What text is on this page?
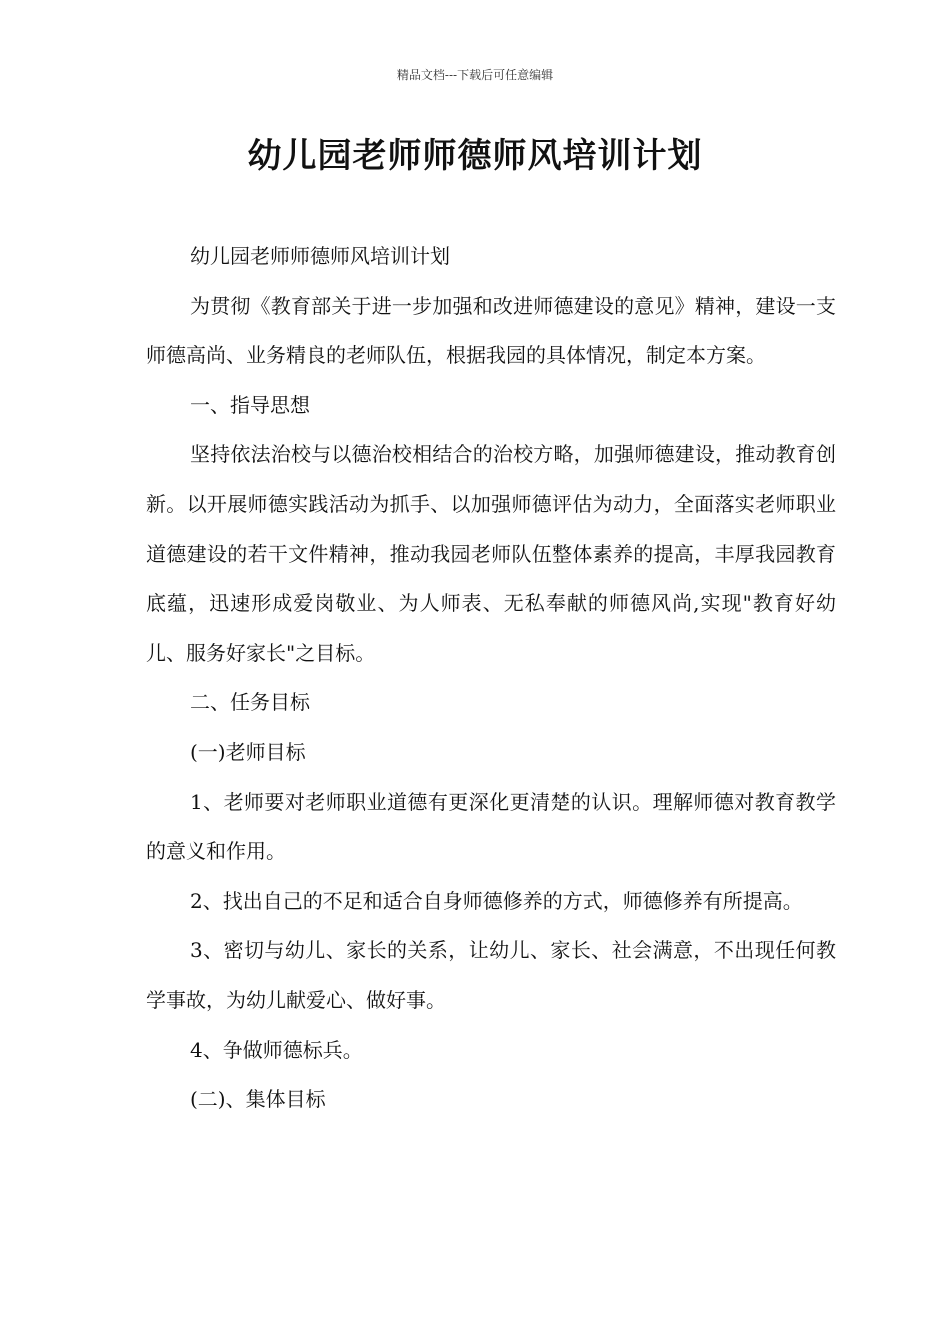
精品文档---下载后可任意编辑
幼儿园老师师德师风培训计划

幼儿园老师师德师风培训计划

为贯彻《教育部关于进一步加强和改进师德建设的意见》精神，建设一支师德高尚、业务精良的老师队伍，根据我园的具体情况，制定本方案。

一、指导思想

坚持依法治校与以德治校相结合的治校方略，加强师德建设，推动教育创新。以开展师德实践活动为抓手、以加强师德评估为动力，全面落实老师职业道德建设的若干文件精神，推动我园老师队伍整体素养的提高，丰厚我园教育底蕴，迅速形成爱岗敬业、为人师表、无私奉献的师德风尚,实现"教育好幼儿、服务好家长"之目标。

二、任务目标

(一)老师目标

1、老师要对老师职业道德有更深化更清楚的认识。理解师德对教育教学的意义和作用。

2、找出自己的不足和适合自身师德修养的方式，师德修养有所提高。

3、密切与幼儿、家长的关系，让幼儿、家长、社会满意，不出现任何教学事故，为幼儿献爱心、做好事。

4、争做师德标兵。

(二)、集体目标
